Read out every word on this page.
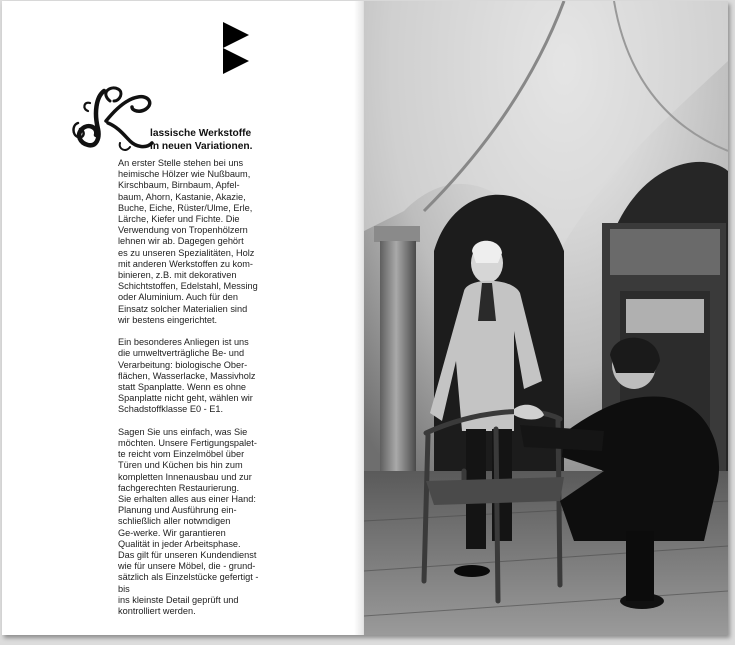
lassische Werkstoffe
in neuen Variationen.
An erster Stelle stehen bei uns
heimische Hölzer wie Nußbaum,
Kirschbaum, Birnbaum, Apfel-
baum, Ahorn, Kastanie, Akazie,
Buche, Eiche, Rüster/Ulme, Erle,
Lärche, Kiefer und Fichte. Die
Verwendung von Tropenhölzern
lehnen wir ab. Dagegen gehört
es zu unseren Spezialitäten, Holz
mit anderen Werkstoffen zu kom-
binieren, z.B. mit dekorativen
Schichtstoffen, Edelstahl, Messing
oder Aluminium. Auch für den
Einsatz solcher Materialien sind
wir bestens eingerichtet.
Ein besonderes Anliegen ist uns
die umweltverträgliche Be- und
Verarbeitung: biologische Ober-
flächen, Wasserlacke, Massivholz
statt Spanplatte. Wenn es ohne
Spanplatte nicht geht, wählen wir
Schadstoffklasse E0 - E1.
Sagen Sie uns einfach, was Sie
möchten. Unsere Fertigungspalet-
te reicht vom Einzelmöbel über
Türen und Küchen bis hin zum
kompletten Innenausbau und zur
fachgerechten Restaurierung.
Sie erhalten alles aus einer Hand:
Planung und Ausführung ein-
schließlich aller notwndigen
Ge-werke. Wir garantieren
Qualität in jeder Arbeitsphase.
Das gilt für unseren Kundendienst
wie für unsere Möbel, die - grund-
sätzlich als Einzelstücke gefertigt -
bis
ins kleinste Detail geprüft und
kontrolliert werden.
